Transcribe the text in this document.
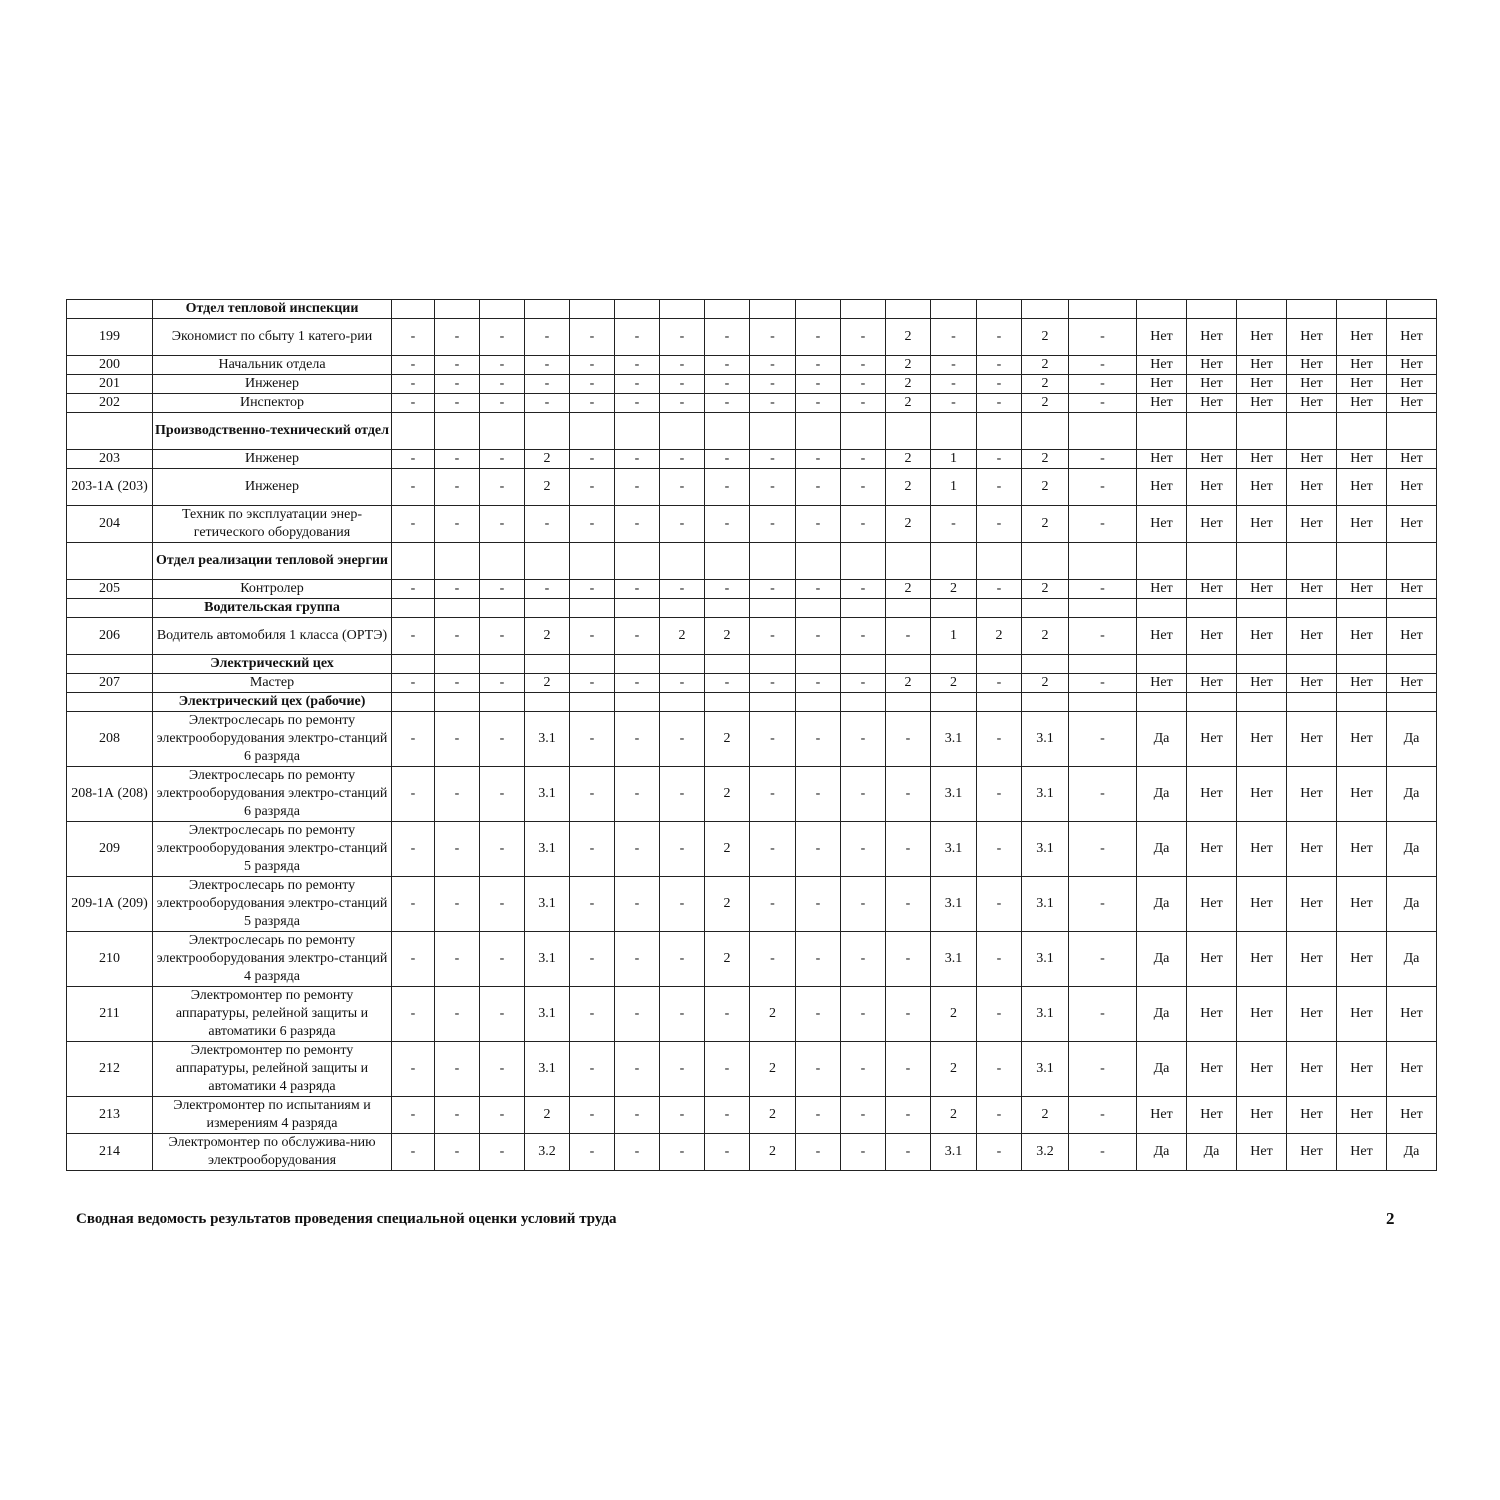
	Отдел тепловой инспекции																						
199	Экономист по сбыту 1 катего-рии	-	-	-	-	-	-	-	-	-	-	-	2	-	-	2	-	Нет	Нет	Нет	Нет	Нет	Нет
200	Начальник отдела	-	-	-	-	-	-	-	-	-	-	-	2	-	-	2	-	Нет	Нет	Нет	Нет	Нет	Нет
201	Инженер	-	-	-	-	-	-	-	-	-	-	-	2	-	-	2	-	Нет	Нет	Нет	Нет	Нет	Нет
202	Инспектор	-	-	-	-	-	-	-	-	-	-	-	2	-	-	2	-	Нет	Нет	Нет	Нет	Нет	Нет
	Производственно-технический отдел																						
203	Инженер	-	-	-	2	-	-	-	-	-	-	-	2	1	-	2	-	Нет	Нет	Нет	Нет	Нет	Нет
203-1А (203)	Инженер	-	-	-	2	-	-	-	-	-	-	-	2	1	-	2	-	Нет	Нет	Нет	Нет	Нет	Нет
204	Техник по эксплуатации энер-гетического оборудования	-	-	-	-	-	-	-	-	-	-	-	2	-	-	2	-	Нет	Нет	Нет	Нет	Нет	Нет
	Отдел реализации тепловой энергии																						
205	Контролер	-	-	-	-	-	-	-	-	-	-	-	2	2	-	2	-	Нет	Нет	Нет	Нет	Нет	Нет
	Водительская группа																						
206	Водитель автомобиля 1 класса (ОРТЭ)	-	-	-	2	-	-	2	2	-	-	-	-	1	2	2	-	Нет	Нет	Нет	Нет	Нет	Нет
	Электрический цех																						
207	Мастер	-	-	-	2	-	-	-	-	-	-	-	2	2	-	2	-	Нет	Нет	Нет	Нет	Нет	Нет
	Электрический цех (рабочие)																						
208	Электрослесарь по ремонту электрооборудования электро-станций 6 разряда	-	-	-	3.1	-	-	-	2	-	-	-	-	3.1	-	3.1	-	Да	Нет	Нет	Нет	Нет	Да
208-1А (208)	Электрослесарь по ремонту электрооборудования электро-станций 6 разряда	-	-	-	3.1	-	-	-	2	-	-	-	-	3.1	-	3.1	-	Да	Нет	Нет	Нет	Нет	Да
209	Электрослесарь по ремонту электрооборудования электро-станций 5 разряда	-	-	-	3.1	-	-	-	2	-	-	-	-	3.1	-	3.1	-	Да	Нет	Нет	Нет	Нет	Да
209-1А (209)	Электрослесарь по ремонту электрооборудования электро-станций 5 разряда	-	-	-	3.1	-	-	-	2	-	-	-	-	3.1	-	3.1	-	Да	Нет	Нет	Нет	Нет	Да
210	Электрослесарь по ремонту электрооборудования электро-станций 4 разряда	-	-	-	3.1	-	-	-	2	-	-	-	-	3.1	-	3.1	-	Да	Нет	Нет	Нет	Нет	Да
211	Электромонтер по ремонту аппаратуры, релейной защиты и автоматики 6 разряда	-	-	-	3.1	-	-	-	-	2	-	-	-	2	-	3.1	-	Да	Нет	Нет	Нет	Нет	Нет
212	Электромонтер по ремонту аппаратуры, релейной защиты и автоматики 4 разряда	-	-	-	3.1	-	-	-	-	2	-	-	-	2	-	3.1	-	Да	Нет	Нет	Нет	Нет	Нет
213	Электромонтер по испытаниям и измерениям 4 разряда	-	-	-	2	-	-	-	-	2	-	-	-	2	-	2	-	Нет	Нет	Нет	Нет	Нет	Нет
214	Электромонтер по обслужива-нию электрооборудования	-	-	-	3.2	-	-	-	-	2	-	-	-	3.1	-	3.2	-	Да	Да	Нет	Нет	Нет	Да
Сводная ведомость результатов проведения специальной оценки условий труда	2
